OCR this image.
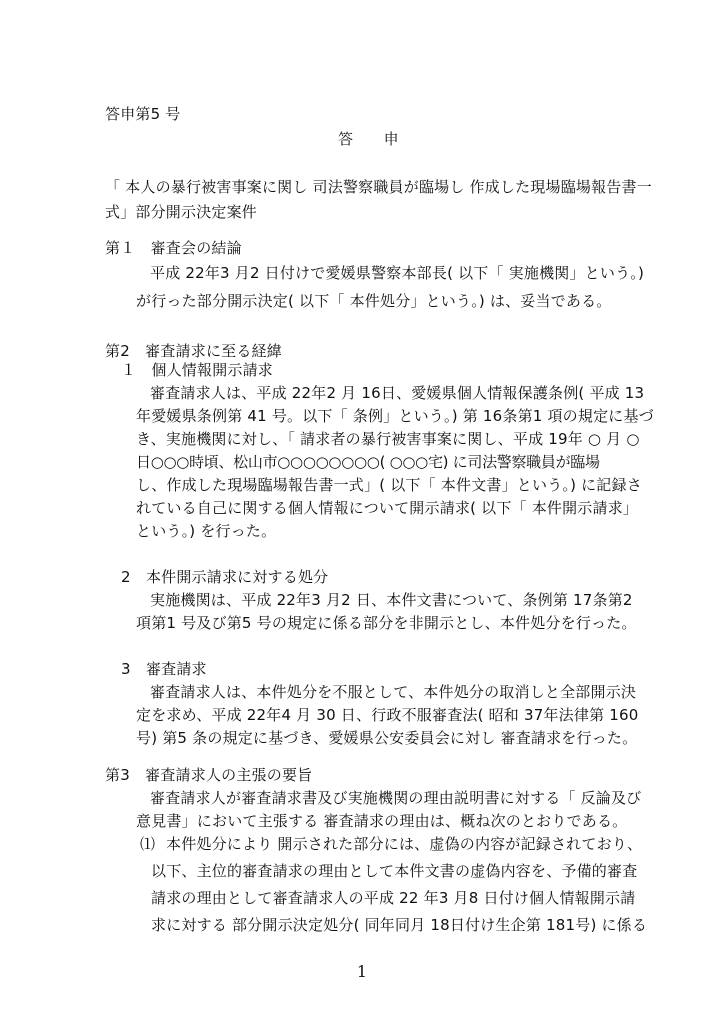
答申第5 号
答　　申
「 本人の暴行被害事案に関し 司法警察職員が臨場し 作成した現場臨場報告書一
式」部分開示決定案件
第１　審査会の結論
平成 22年3 月2 日付けで愛媛県警察本部長( 以下「 実施機関」という。)
が行った部分開示決定( 以下「 本件処分」という。) は、妥当である。
第2　審査請求に至る経緯
１　個人情報開示請求
審査請求人は、平成 22年2 月 16日、愛媛県個人情報保護条例( 平成 13
年愛媛県条例第 41 号。以下「 条例」という。) 第 16条第1 項の規定に基づ
き、実施機関に対し、「 請求者の暴行被害事案に関し、平成 19年 ○ 月 ○
日○○○時頃、松山市○○○○○○○○( ○○○宅) に司法警察職員が臨場
し、作成した現場臨場報告書一式」( 以下「 本件文書」という。) に記録さ
れている自己に関する個人情報について開示請求( 以下「 本件開示請求」
という。) を行った。
2　本件開示請求に対する処分
実施機関は、平成 22年3 月2 日、本件文書について、条例第 17条第2
項第1 号及び第5 号の規定に係る部分を非開示とし、本件処分を行った。
3　審査請求
審査請求人は、本件処分を不服として、本件処分の取消しと全部開示決
定を求め、平成 22年4 月 30 日、行政不服審査法( 昭和 37年法律第 160
号) 第5 条の規定に基づき、愛媛県公安委員会に対し 審査請求を行った。
第3　審査請求人の主張の要旨
審査請求人が審査請求書及び実施機関の理由説明書に対する「 反論及び
意見書」において主張する 審査請求の理由は、概ね次のとおりである。
⑴ 本件処分により 開示された部分には、虚偽の内容が記録されており、
以下、主位的審査請求の理由として本件文書の虚偽内容を、予備的審査
請求の理由として審査請求人の平成 22 年3 月8 日付け個人情報開示請
求に対する 部分開示決定処分( 同年同月 18日付け生企第 181号) に係る
1
